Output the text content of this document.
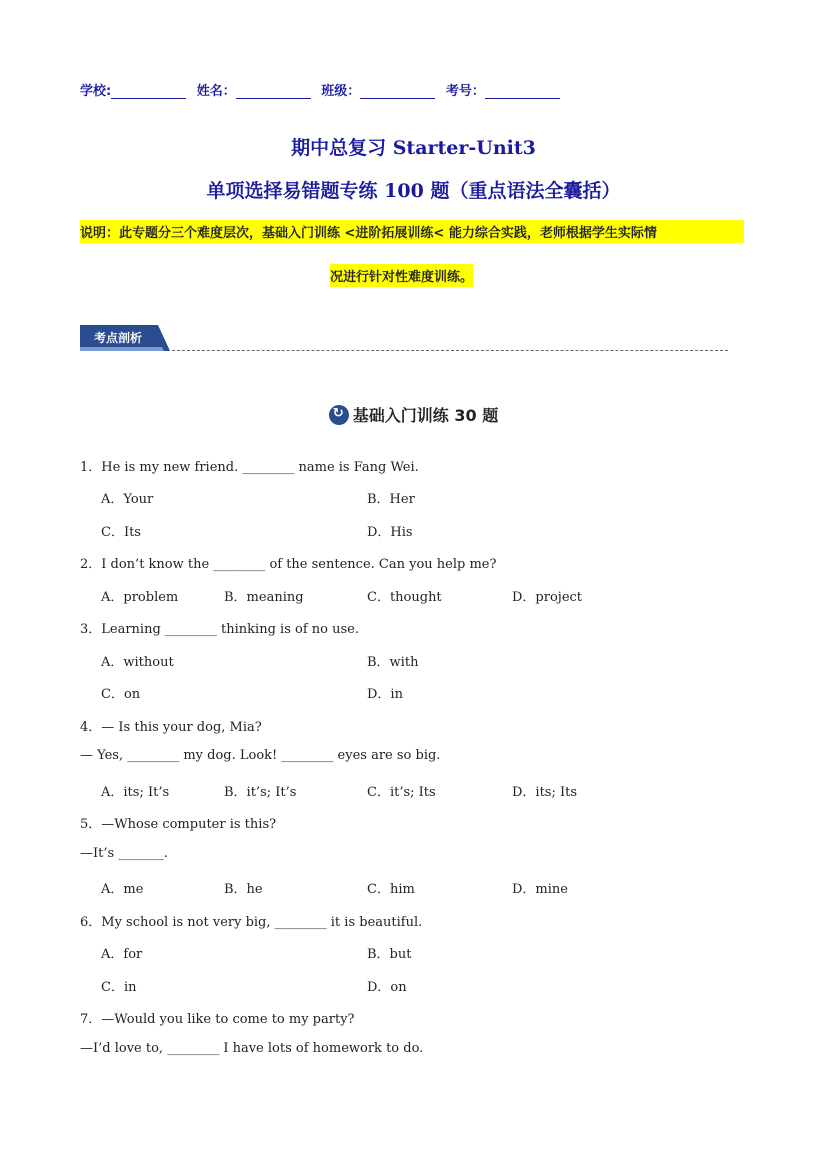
学校:	姓名：	班级：	考号：
期中总复习 Starter-Unit3
单项选择易错题专练 100 题（重点语法全囊括）
说明：此专题分三个难度层次，基础入门训练 <进阶拓展训练< 能力综合实践，老师根据学生实际情
况进行针对性难度训练。
考点剖析
↻基础入门训练 30 题
1．He is my new friend. ________ name is Fang Wei.
A．Your	B．Her
C．Its	D．His
2．I don’t know the ________ of the sentence. Can you help me?
A．problem	B．meaning	C．thought	D．project
3．Learning ________ thinking is of no use.
A．without	B．with
C．on	D．in
4．— Is this your dog, Mia?
— Yes, ________ my dog. Look! ________ eyes are so big.
A．its; It’s	B．it’s; It’s	C．it’s; Its	D．its; Its
5．—Whose computer is this?
—It’s _______.
A．me	B．he	C．him	D．mine
6．My school is not very big, ________ it is beautiful.
A．for	B．but
C．in	D．on
7．—Would you like to come to my party?
—I’d love to, ________ I have lots of homework to do.
